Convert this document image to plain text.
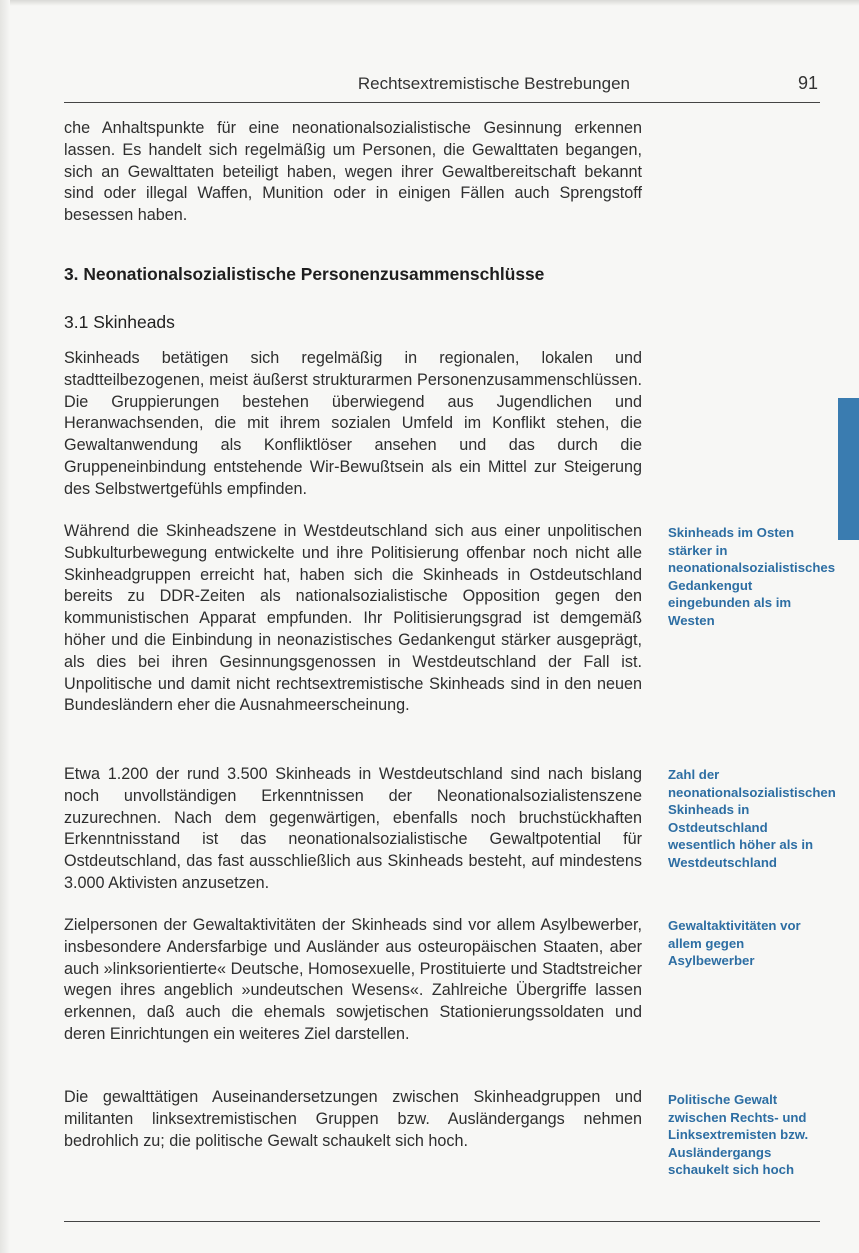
Rechtsextremistische Bestrebungen	91

che Anhaltspunkte für eine neonationalsozialistische Gesinnung erkennen lassen. Es handelt sich regelmäßig um Personen, die Gewalttaten begangen, sich an Gewalttaten beteiligt haben, wegen ihrer Gewaltbereitschaft bekannt sind oder illegal Waffen, Munition oder in einigen Fällen auch Sprengstoff besessen haben.

3. Neonationalsozialistische Personenzusammenschlüsse
3.1 Skinheads

Skinheads betätigen sich regelmäßig in regionalen, lokalen und stadtteilbezogenen, meist äußerst strukturarmen Personenzusammenschlüssen. Die Gruppierungen bestehen überwiegend aus Jugendlichen und Heranwachsenden, die mit ihrem sozialen Umfeld im Konflikt stehen, die Gewaltanwendung als Konfliktlöser ansehen und das durch die Gruppeneinbindung entstehende Wir-Bewußtsein als ein Mittel zur Steigerung des Selbstwertgefühls empfinden.

Während die Skinheadszene in Westdeutschland sich aus einer unpolitischen Subkulturbewegung entwickelte und ihre Politisierung offenbar noch nicht alle Skinheadgruppen erreicht hat, haben sich die Skinheads in Ostdeutschland bereits zu DDR-Zeiten als nationalsozialistische Opposition gegen den kommunistischen Apparat empfunden. Ihr Politisierungsgrad ist demgemäß höher und die Einbindung in neonazistisches Gedankengut stärker ausgeprägt, als dies bei ihren Gesinnungsgenossen in Westdeutschland der Fall ist. Unpolitische und damit nicht rechtsextremistische Skinheads sind in den neuen Bundesländern eher die Ausnahmeerscheinung.

Etwa 1.200 der rund 3.500 Skinheads in Westdeutschland sind nach bislang noch unvollständigen Erkenntnissen der Neonationalsozialistenszene zuzurechnen. Nach dem gegenwärtigen, ebenfalls noch bruchstückhaften Erkenntnisstand ist das neonationalsozialistische Gewaltpotential für Ostdeutschland, das fast ausschließlich aus Skinheads besteht, auf mindestens 3.000 Aktivisten anzusetzen.

Zielpersonen der Gewaltaktivitäten der Skinheads sind vor allem Asylbewerber, insbesondere Andersfarbige und Ausländer aus osteuropäischen Staaten, aber auch »linksorientierte« Deutsche, Homosexuelle, Prostituierte und Stadtstreicher wegen ihres angeblich »undeutschen Wesens«. Zahlreiche Übergriffe lassen erkennen, daß auch die ehemals sowjetischen Stationierungssoldaten und deren Einrichtungen ein weiteres Ziel darstellen.

Die gewalttätigen Auseinandersetzungen zwischen Skinheadgruppen und militanten linksextremistischen Gruppen bzw. Ausländergangs nehmen bedrohlich zu; die politische Gewalt schaukelt sich hoch.

Skinheads im Osten stärker in neonationalsozialistisches Gedankengut eingebunden als im Westen

Zahl der neonationalsozialistischen Skinheads in Ostdeutschland wesentlich höher als in Westdeutschland

Gewaltaktivitäten vor allem gegen Asylbewerber

Politische Gewalt zwischen Rechts- und Linksextremisten bzw. Ausländergangs schaukelt sich hoch
